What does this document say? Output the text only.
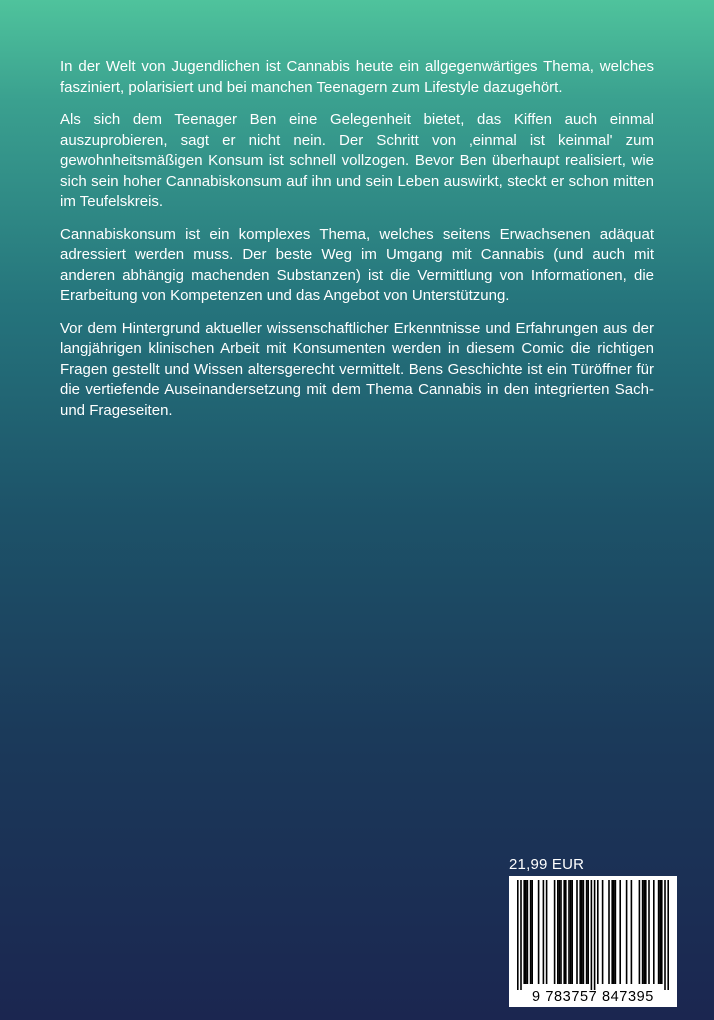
In der Welt von Jugendlichen ist Cannabis heute ein allgegenwärtiges Thema, welches fasziniert, polarisiert und bei manchen Teenagern zum Lifestyle dazugehört.

Als sich dem Teenager Ben eine Gelegenheit bietet, das Kiffen auch einmal auszuprobieren, sagt er nicht nein. Der Schritt von ‚einmal ist keinmal' zum gewohnheitsmäßigen Konsum ist schnell vollzogen. Bevor Ben überhaupt realisiert, wie sich sein hoher Cannabiskonsum auf ihn und sein Leben auswirkt, steckt er schon mitten im Teufelskreis.

Cannabiskonsum ist ein komplexes Thema, welches seitens Erwachsenen adäquat adressiert werden muss. Der beste Weg im Umgang mit Cannabis (und auch mit anderen abhängig machenden Substanzen) ist die Vermittlung von Informationen, die Erarbeitung von Kompetenzen und das Angebot von Unterstützung.

Vor dem Hintergrund aktueller wissenschaftlicher Erkenntnisse und Erfahrungen aus der langjährigen klinischen Arbeit mit Konsumenten werden in diesem Comic die richtigen Fragen gestellt und Wissen altersgerecht vermittelt. Bens Geschichte ist ein Türöffner für die vertiefende Auseinandersetzung mit dem Thema Cannabis in den integrierten Sach- und Frageseiten.

21,99 EUR
9 783757 847395
